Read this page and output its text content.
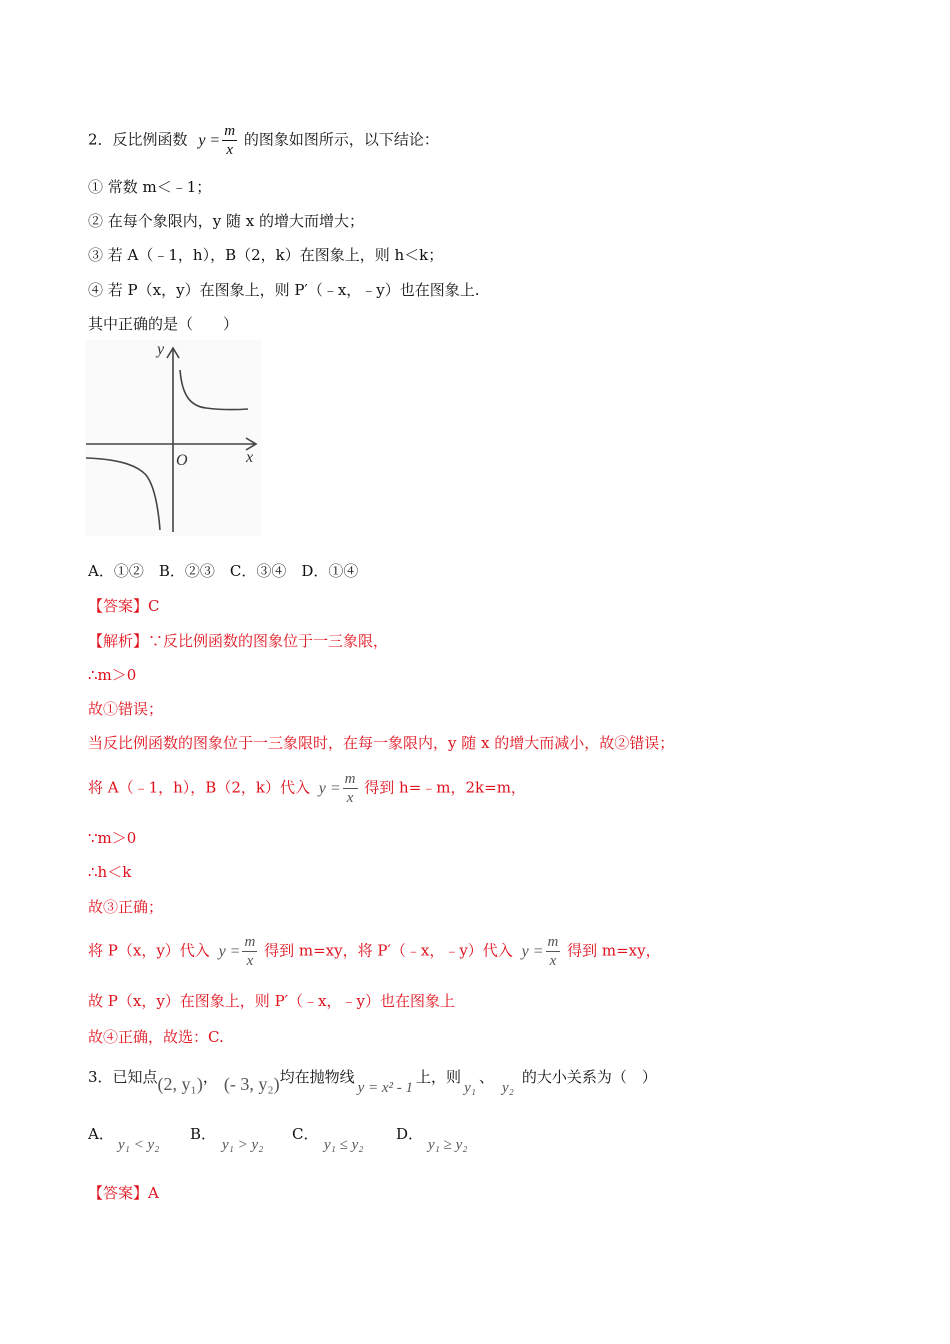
2．反比例函数 $y = \frac{m}{x}$ 的图象如图所示，以下结论：
① 常数 m＜﹣1；
② 在每个象限内，y 随 x 的增大而增大；
③ 若 A（﹣1，h），B（2，k）在图象上，则 h＜k；
④ 若 P（x，y）在图象上，则 P′（﹣x，﹣y）也在图象上.
其中正确的是（　　）
y
x
O
A．①②　B．②③　C．③④　D．①④
【答案】C
【解析】∵反比例函数的图象位于一三象限，
∴m＞0
故①错误；
当反比例函数的图象位于一三象限时，在每一象限内，y 随 x 的增大而减小，故②错误；
将 A（﹣1，h），B（2，k）代入 $y = \frac{m}{x}$ 得到 h=﹣m，2k=m，
∵m＞0
∴h＜k
故③正确；
将 P（x，y）代入 $y = \frac{m}{x}$ 得到 m=xy，将 P′（﹣x，﹣y）代入 $y = \frac{m}{x}$ 得到 m=xy，
故 P（x，y）在图象上，则 P′（﹣x，﹣y）也在图象上
故④正确，故选：C.
3．已知点(2, y₁)， (- 3, y₂)均在抛物线y = x² - 1上，则y₁、y₂的大小关系为（　）
A．y₁ < y₂B．y₁ > y₂C．y₁ ≤ y₂D．y₁ ≥ y₂
【答案】A
